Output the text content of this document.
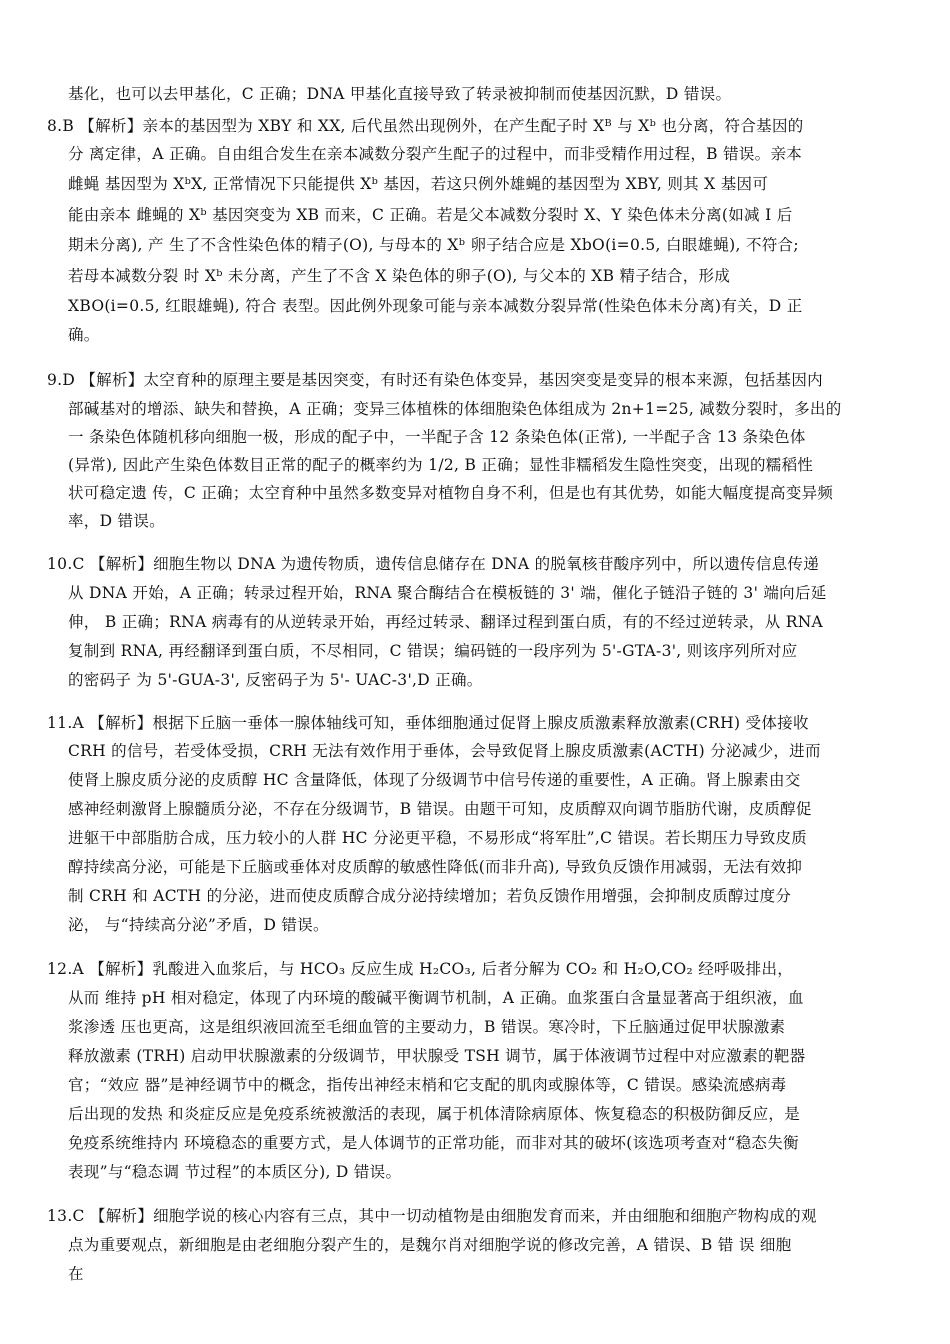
基化，也可以去甲基化，C 正确；DNA 甲基化直接导致了转录被抑制而使基因沉默，D 错误。
8.B 【解析】亲本的基因型为 XBY 和 XX, 后代虽然出现例外，在产生配子时 Xᴮ 与 Xᵇ 也分离，符合基因的
分 离定律，A 正确。自由组合发生在亲本减数分裂产生配子的过程中，而非受精作用过程，B 错误。亲本
雌蝇 基因型为 XᵇX, 正常情况下只能提供 Xᵇ 基因，若这只例外雄蝇的基因型为 XBY, 则其 X 基因可
能由亲本 雌蝇的 Xᵇ 基因突变为 XB 而来，C 正确。若是父本减数分裂时 X、Y 染色体未分离(如减 I 后
期未分离), 产 生了不含性染色体的精子(O), 与母本的 Xᵇ 卵子结合应是 XbO(i=0.5, 白眼雄蝇), 不符合;
若母本减数分裂 时 Xᵇ 未分离，产生了不含 X 染色体的卵子(O), 与父本的 XB 精子结合，形成
XBO(i=0.5, 红眼雄蝇), 符合 表型。因此例外现象可能与亲本减数分裂异常(性染色体未分离)有关，D 正
确。
9.D 【解析】太空育种的原理主要是基因突变，有时还有染色体变异，基因突变是变异的根本来源，包括基因内
部碱基对的增添、缺失和替换，A 正确；变异三体植株的体细胞染色体组成为 2n+1=25, 减数分裂时，多出的
一 条染色体随机移向细胞一极，形成的配子中，一半配子含 12 条染色体(正常), 一半配子含 13 条染色体
(异常), 因此产生染色体数目正常的配子的概率约为 1/2, B 正确；显性非糯稻发生隐性突变，出现的糯稻性
状可稳定遗 传，C 正确；太空育种中虽然多数变异对植物自身不利，但是也有其优势，如能大幅度提高变异频
率，D 错误。
10.C 【解析】细胞生物以 DNA 为遗传物质，遗传信息储存在 DNA 的脱氧核苷酸序列中，所以遗传信息传递
从 DNA 开始，A 正确；转录过程开始，RNA 聚合酶结合在模板链的 3' 端，催化子链沿子链的 3' 端向后延
伸， B 正确；RNA 病毒有的从逆转录开始，再经过转录、翻译过程到蛋白质，有的不经过逆转录，从 RNA
复制到 RNA, 再经翻译到蛋白质，不尽相同，C 错误；编码链的一段序列为 5'-GTA-3', 则该序列所对应
的密码子 为 5'-GUA-3', 反密码子为 5'- UAC-3',D 正确。
11.A 【解析】根据下丘脑一垂体一腺体轴线可知，垂体细胞通过促肾上腺皮质激素释放激素(CRH) 受体接收
CRH 的信号，若受体受损，CRH 无法有效作用于垂体，会导致促肾上腺皮质激素(ACTH) 分泌减少，进而
使肾上腺皮质分泌的皮质醇 HC 含量降低，体现了分级调节中信号传递的重要性，A 正确。肾上腺素由交
感神经刺激肾上腺髓质分泌，不存在分级调节，B 错误。由题干可知，皮质醇双向调节脂肪代谢，皮质醇促
进躯干中部脂肪合成，压力较小的人群 HC 分泌更平稳，不易形成“将军肚”,C 错误。若长期压力导致皮质
醇持续高分泌，可能是下丘脑或垂体对皮质醇的敏感性降低(而非升高), 导致负反馈作用减弱，无法有效抑
制 CRH 和 ACTH 的分泌，进而使皮质醇合成分泌持续增加；若负反馈作用增强，会抑制皮质醇过度分
泌， 与“持续高分泌”矛盾，D 错误。
12.A 【解析】乳酸进入血浆后，与 HCO₃ 反应生成 H₂CO₃, 后者分解为 CO₂ 和 H₂O,CO₂ 经呼吸排出，
从而 维持 pH 相对稳定，体现了内环境的酸碱平衡调节机制，A 正确。血浆蛋白含量显著高于组织液，血
浆渗透 压也更高，这是组织液回流至毛细血管的主要动力，B 错误。寒冷时，下丘脑通过促甲状腺激素
释放激素 (TRH) 启动甲状腺激素的分级调节，甲状腺受 TSH 调节，属于体液调节过程中对应激素的靶器
官；“效应 器”是神经调节中的概念，指传出神经末梢和它支配的肌肉或腺体等，C 错误。感染流感病毒
后出现的发热 和炎症反应是免疫系统被激活的表现，属于机体清除病原体、恢复稳态的积极防御反应，是
免疫系统维持内 环境稳态的重要方式，是人体调节的正常功能，而非对其的破坏(该选项考查对“稳态失衡
表现”与“稳态调 节过程”的本质区分), D 错误。
13.C 【解析】细胞学说的核心内容有三点，其中一切动植物是由细胞发育而来，并由细胞和细胞产物构成的观
点为重要观点，新细胞是由老细胞分裂产生的，是魏尔肖对细胞学说的修改完善，A 错误、B 错 误 细胞
在
